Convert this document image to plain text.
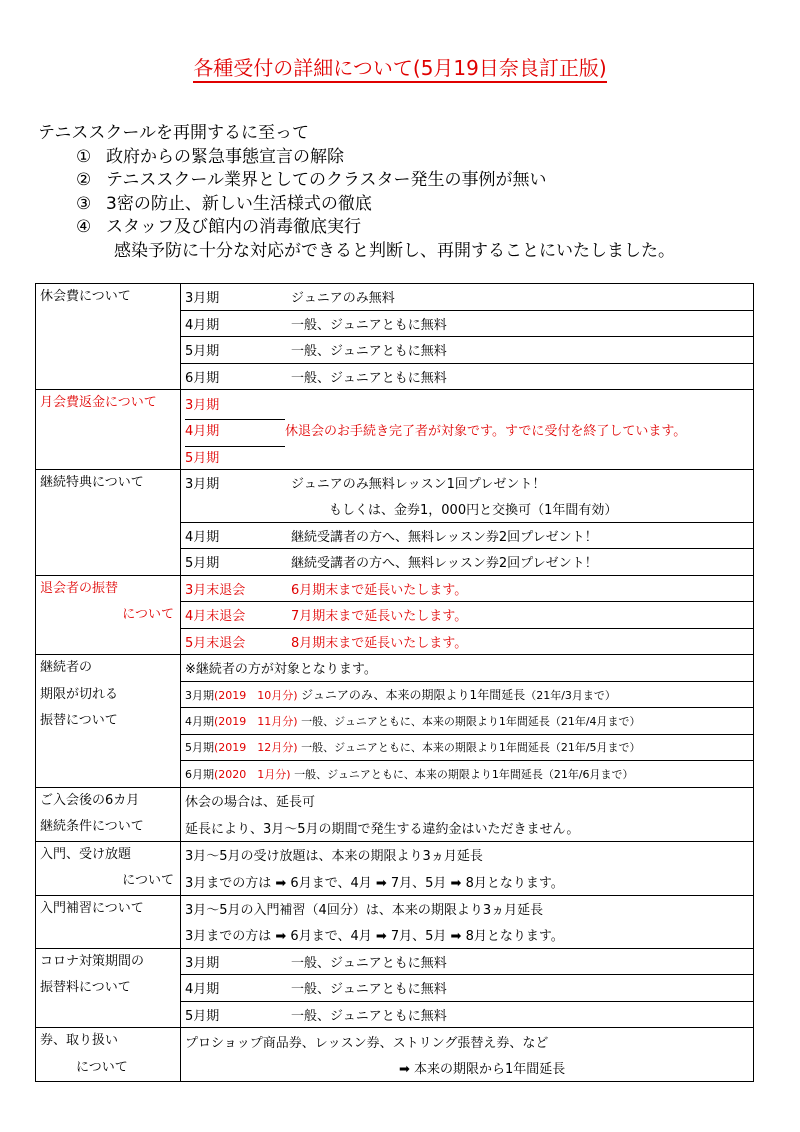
各種受付の詳細について(5月19日奈良訂正版)
テニススクールを再開するに至って
① 政府からの緊急事態宣言の解除
② テニススクール業界としてのクラスター発生の事例が無い
③ 3密の防止、新しい生活様式の徹底
④ スタッフ及び館内の消毒徹底実行
感染予防に十分な対応ができると判断し、再開することにいたしました。
休会費について	3月期 ジュニアのみ無料
	4月期 一般、ジュニアともに無料
	5月期 一般、ジュニアともに無料
	6月期 一般、ジュニアともに無料

月会費返金について	3月期
	4月期 休退会のお手続き完了者が対象です。すでに受付を終了しています。
	5月期

継続特典について	3月期 ジュニアのみ無料レッスン1回プレゼント！
	もしくは、金券1，000円と交換可（1年間有効）
	4月期 継続受講者の方へ、無料レッスン券2回プレゼント！
	5月期 継続受講者の方へ、無料レッスン券2回プレゼント！

退会者の振替
について	3月末退会 6月期末まで延長いたします。
	4月末退会 7月期末まで延長いたします。
	5月末退会 8月期末まで延長いたします。

継続者の
期限が切れる
振替について	※継続者の方が対象となります。
	3月期(2019　10月分) ジュニアのみ、本来の期限より1年間延長（21年/3月まで）
	4月期(2019　11月分) 一般、ジュニアともに、本来の期限より1年間延長（21年/4月まで）
	5月期(2019　12月分) 一般、ジュニアともに、本来の期限より1年間延長（21年/5月まで）
	6月期(2020　1月分) 一般、ジュニアともに、本来の期限より1年間延長（21年/6月まで）

ご入会後の6カ月
継続条件について	休会の場合は、延長可
	延長により、3月～5月の期間で発生する違約金はいただきません。

入門、受け放題
について	3月～5月の受け放題は、本来の期限より3ヵ月延長
	3月までの方は ➡ 6月まで、4月 ➡ 7月、5月 ➡ 8月となります。

入門補習について	3月～5月の入門補習（4回分）は、本来の期限より3ヵ月延長
	3月までの方は ➡ 6月まで、4月 ➡ 7月、5月 ➡ 8月となります。

コロナ対策期間の
振替料について	3月期 一般、ジュニアともに無料
	4月期 一般、ジュニアともに無料
	5月期 一般、ジュニアともに無料

券、取り扱い
について	プロショップ商品券、レッスン券、ストリング張替え券、など
	➡ 本来の期限から1年間延長
